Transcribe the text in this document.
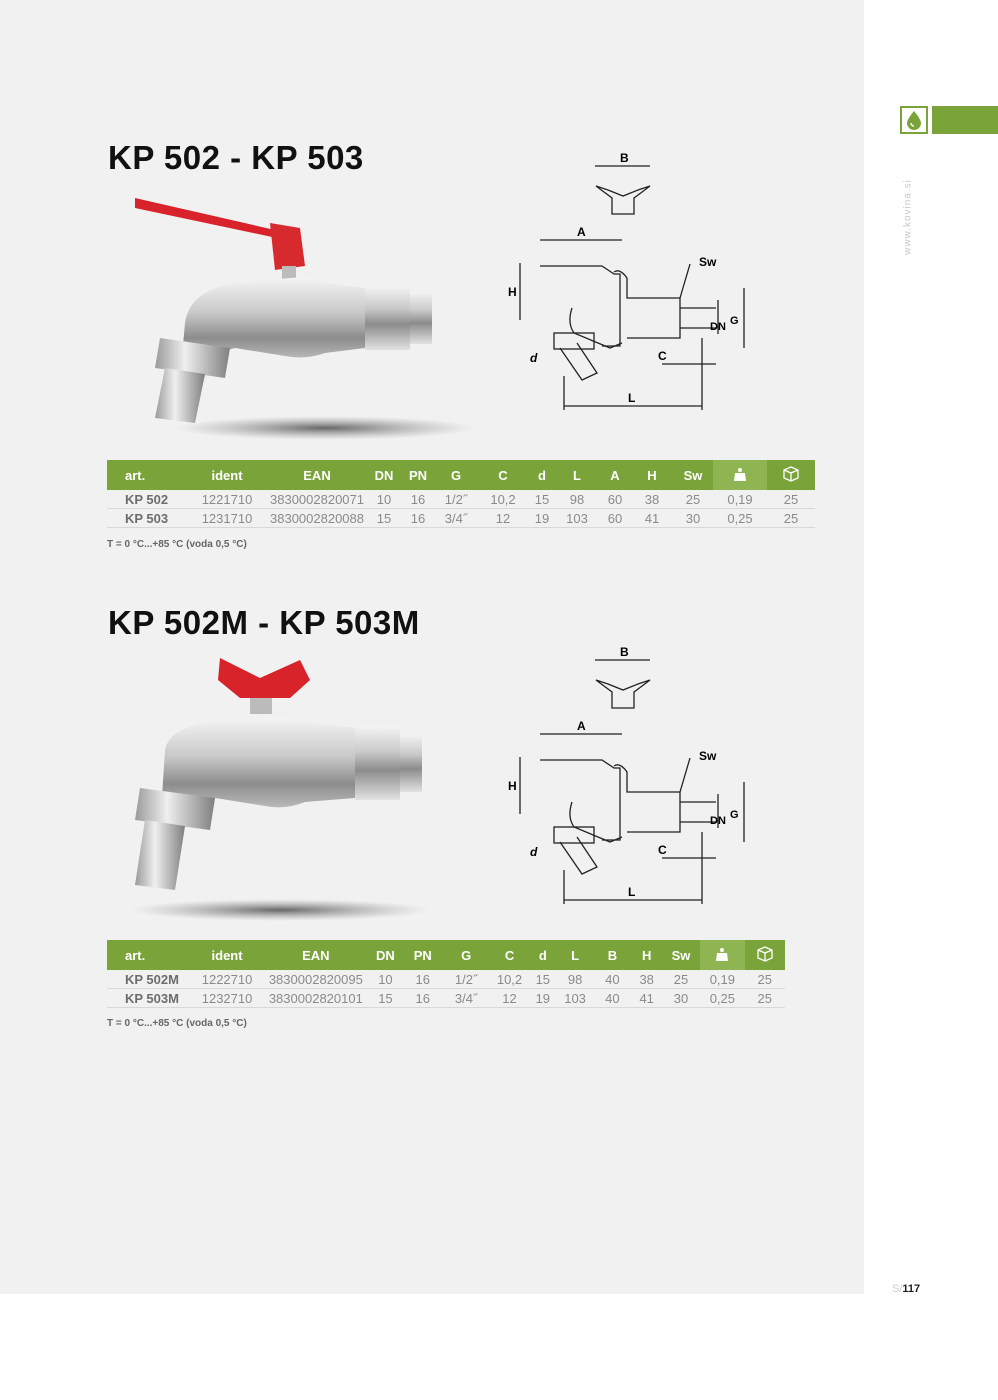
www.kovina.si
S/117
KP 502 - KP 503	B
A
H
Sw
DN G
C
d
L
art.	ident	EAN	DN	PN	G	C	d	L	A	H	Sw		
KP 502	1221710	3830002820071	10	16	1/2˝	10,2	15	98	60	38	25	0,19	25
KP 503	1231710	3830002820088	15	16	3/4˝	12	19	103	60	41	30	0,25	25
T = 0 °C...+85 °C (voda 0,5 °C)
KP 502M - KP 503M
B
A
H
Sw
DN G
C
d
L
art.	ident	EAN	DN	PN	G	C	d	L	B	H	Sw		
KP 502M	1222710	3830002820095	10	16	1/2˝	10,2	15	98	40	38	25	0,19	25
KP 503M	1232710	3830002820101	15	16	3/4˝	12	19	103	40	41	30	0,25	25
T = 0 °C...+85 °C (voda 0,5 °C)
